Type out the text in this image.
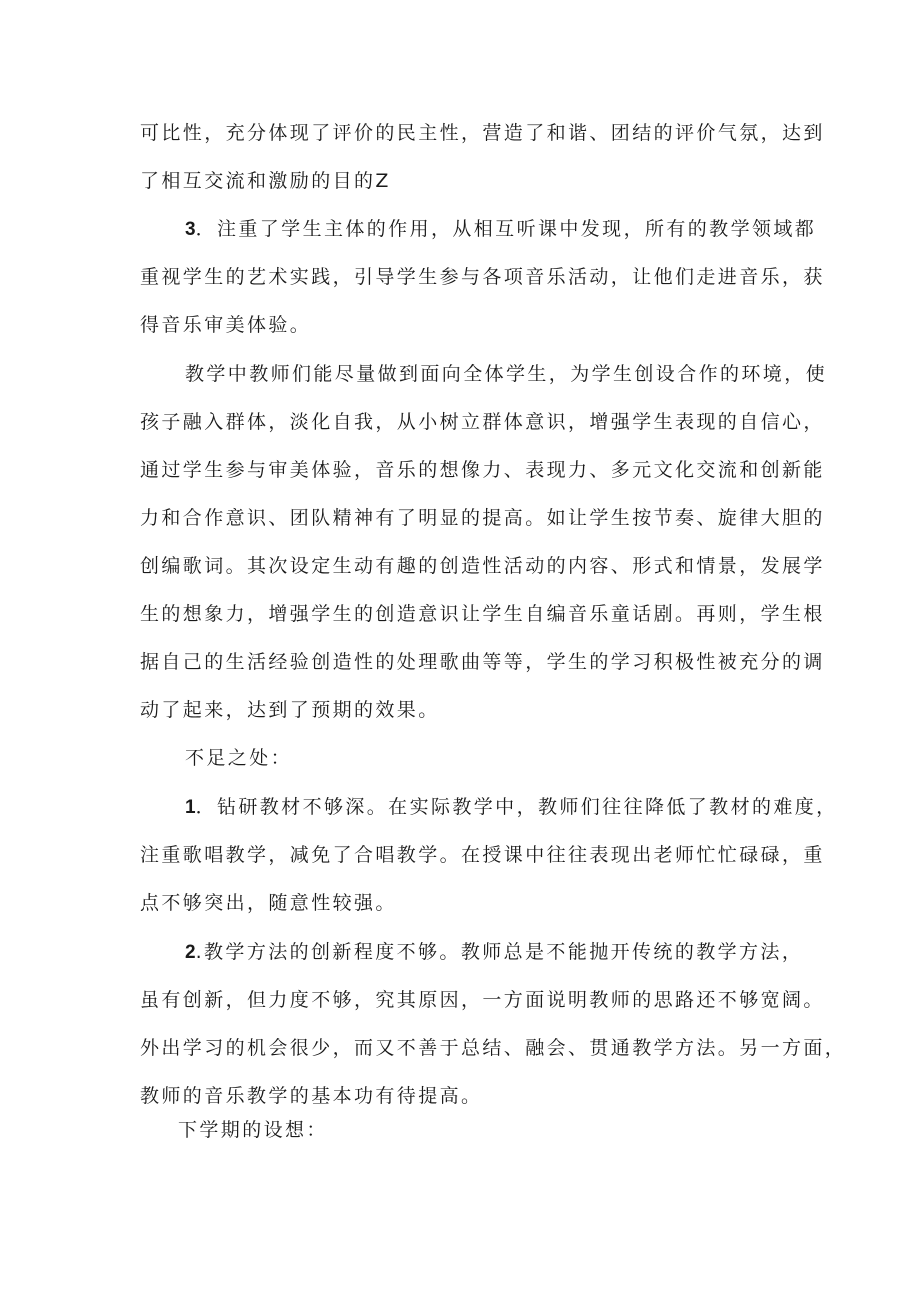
可比性，充分体现了评价的民主性，营造了和谐、团结的评价气氛，达到

了相互交流和激励的目的Z

3．注重了学生主体的作用，从相互听课中发现，所有的教学领域都

重视学生的艺术实践，引导学生参与各项音乐活动，让他们走进音乐，获

得音乐审美体验。

教学中教师们能尽量做到面向全体学生，为学生创设合作的环境，使

孩子融入群体，淡化自我，从小树立群体意识，增强学生表现的自信心，

通过学生参与审美体验，音乐的想像力、表现力、多元文化交流和创新能

力和合作意识、团队精神有了明显的提高。如让学生按节奏、旋律大胆的

创编歌词。其次设定生动有趣的创造性活动的内容、形式和情景，发展学

生的想象力，增强学生的创造意识让学生自编音乐童话剧。再则，学生根

据自己的生活经验创造性的处理歌曲等等，学生的学习积极性被充分的调

动了起来，达到了预期的效果。

不足之处：

1．钻研教材不够深。在实际教学中，教师们往往降低了教材的难度，

注重歌唱教学，减免了合唱教学。在授课中往往表现出老师忙忙碌碌，重

点不够突出，随意性较强。

2.教学方法的创新程度不够。教师总是不能抛开传统的教学方法，

虽有创新，但力度不够，究其原因，一方面说明教师的思路还不够宽阔。

外出学习的机会很少，而又不善于总结、融会、贯通教学方法。另一方面，

教师的音乐教学的基本功有待提高。

下学期的设想：
